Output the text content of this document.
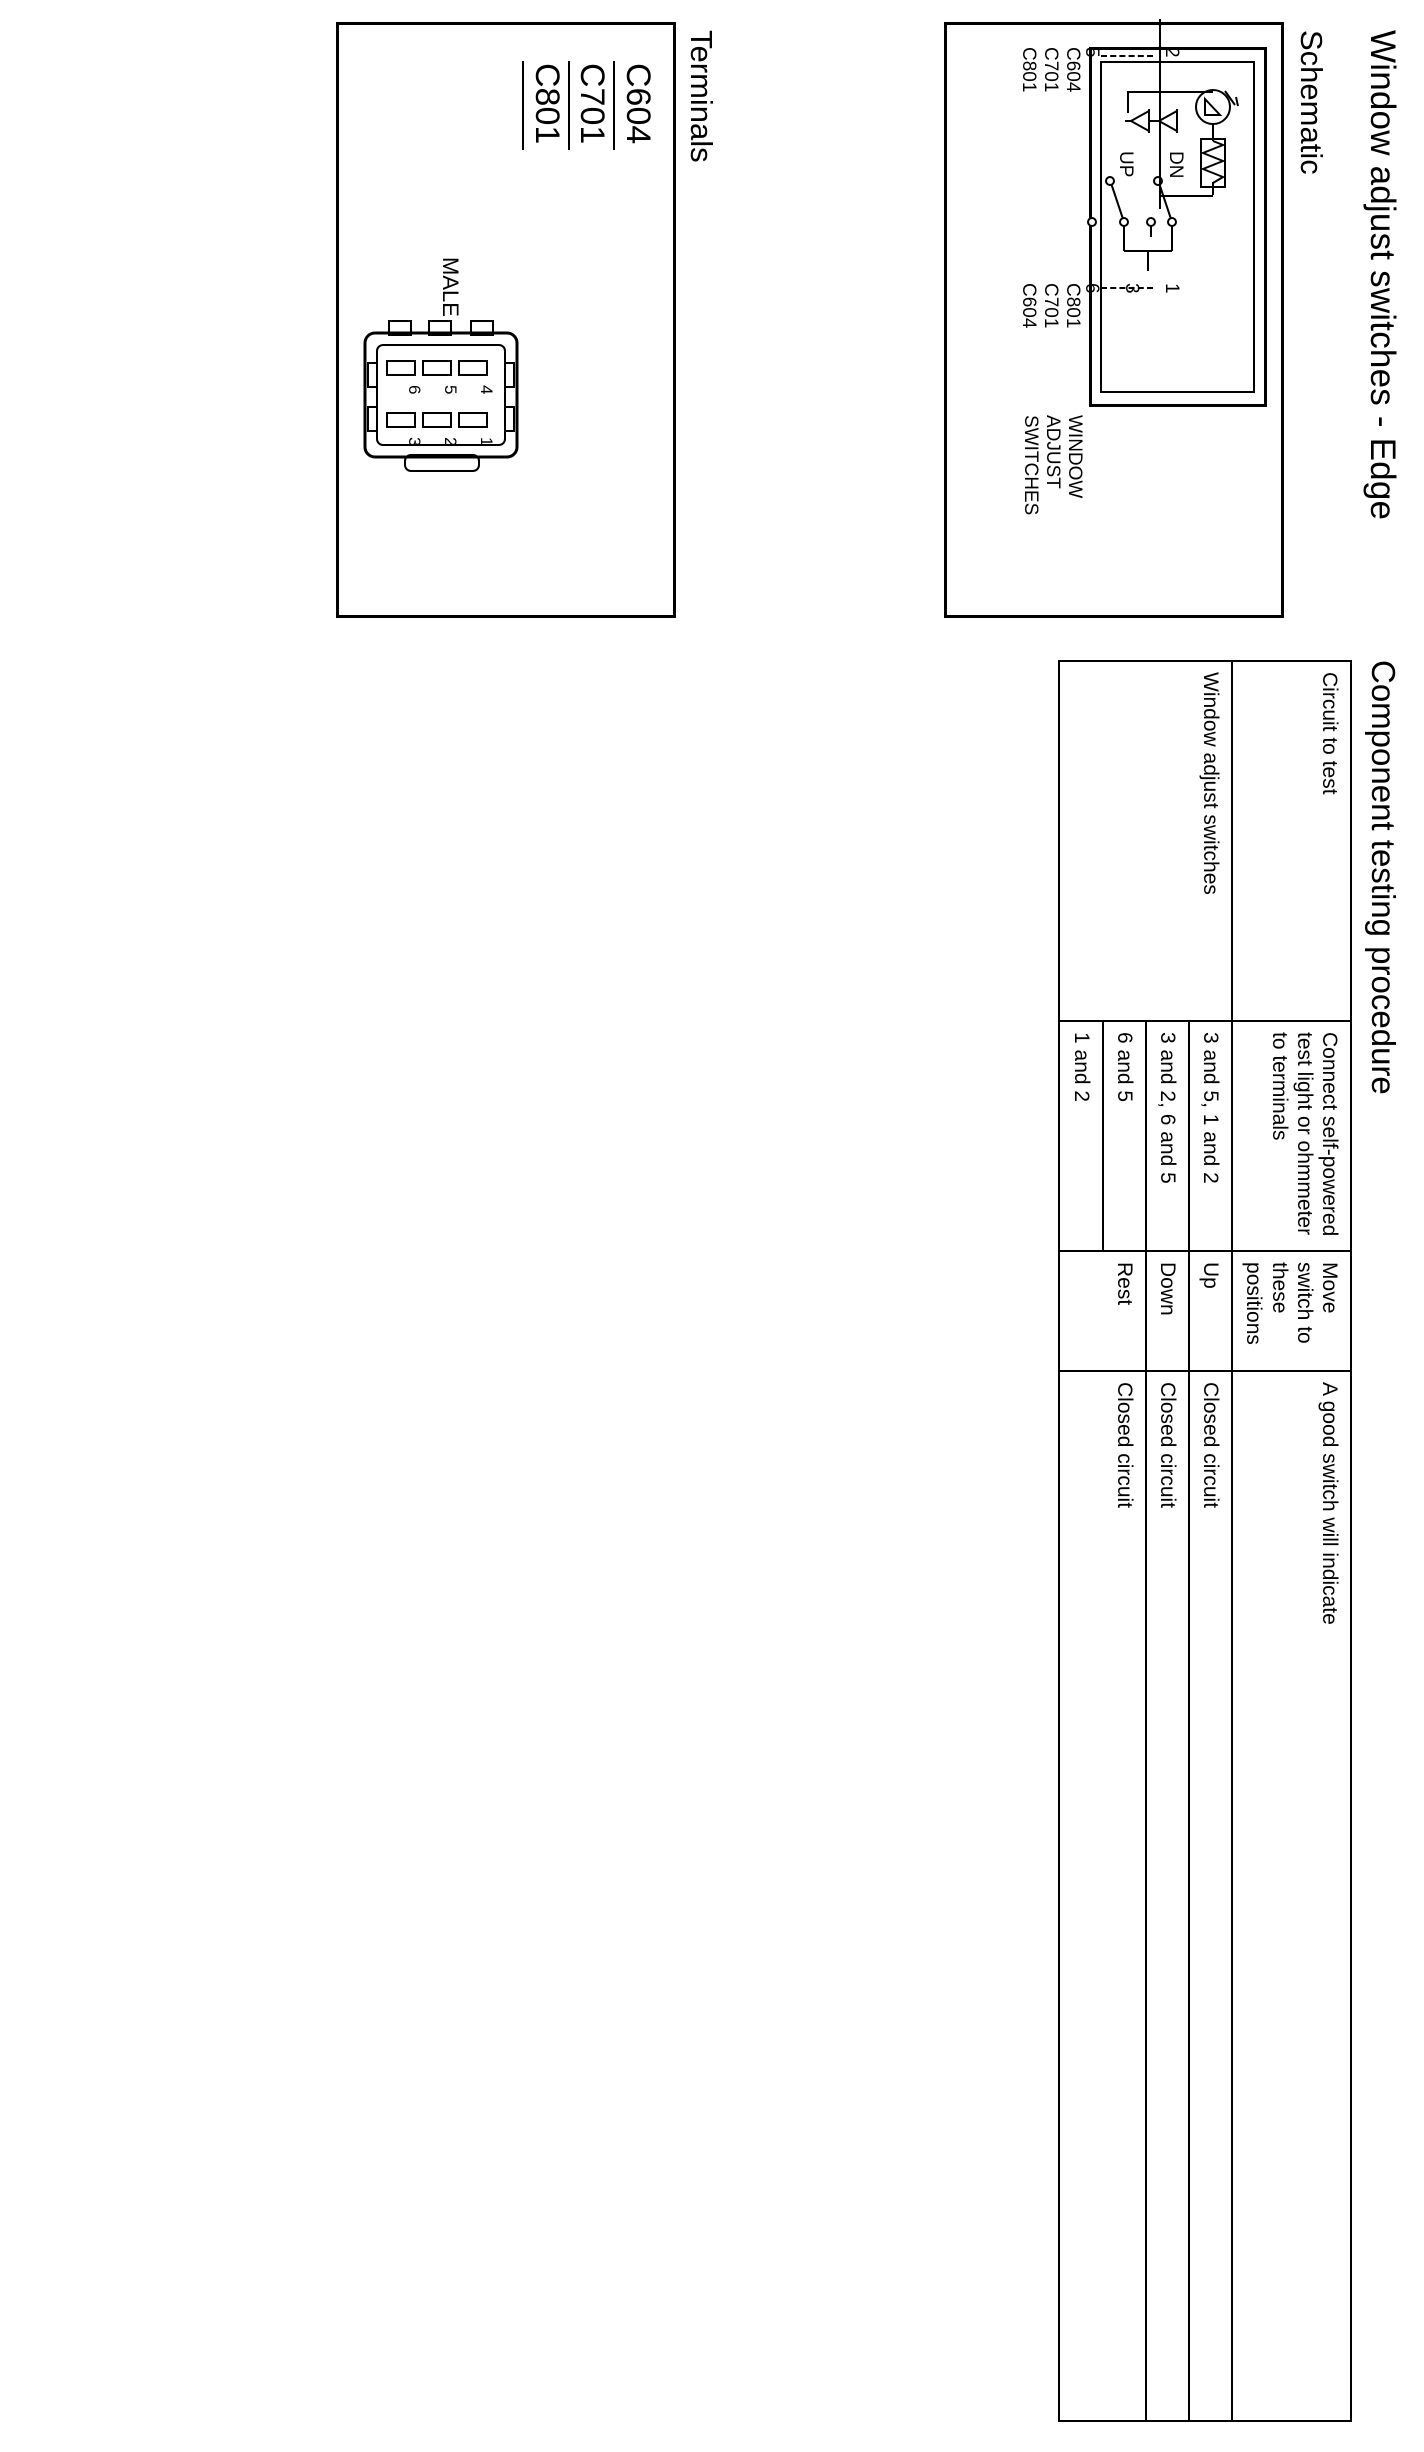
Window adjust switches - Edge
Schematic
DN
UP
2
5
1
3
6
C604
C701
C801
C801
C701
C604
WINDOW
ADJUST
SWITCHES
Terminals
C604
C701
C801
MALE
1
2
3
4
5
6
Component testing procedure
Circuit to test	Connect self-powered test light or ohmmeter to terminals	Move switch to these positions	A good switch will indicate
Window adjust switches	3 and 5, 1 and 2	Up	Closed circuit
	3 and 2, 6 and 5	Down	Closed circuit
	6 and 5	Rest	Closed circuit
	1 and 2		
